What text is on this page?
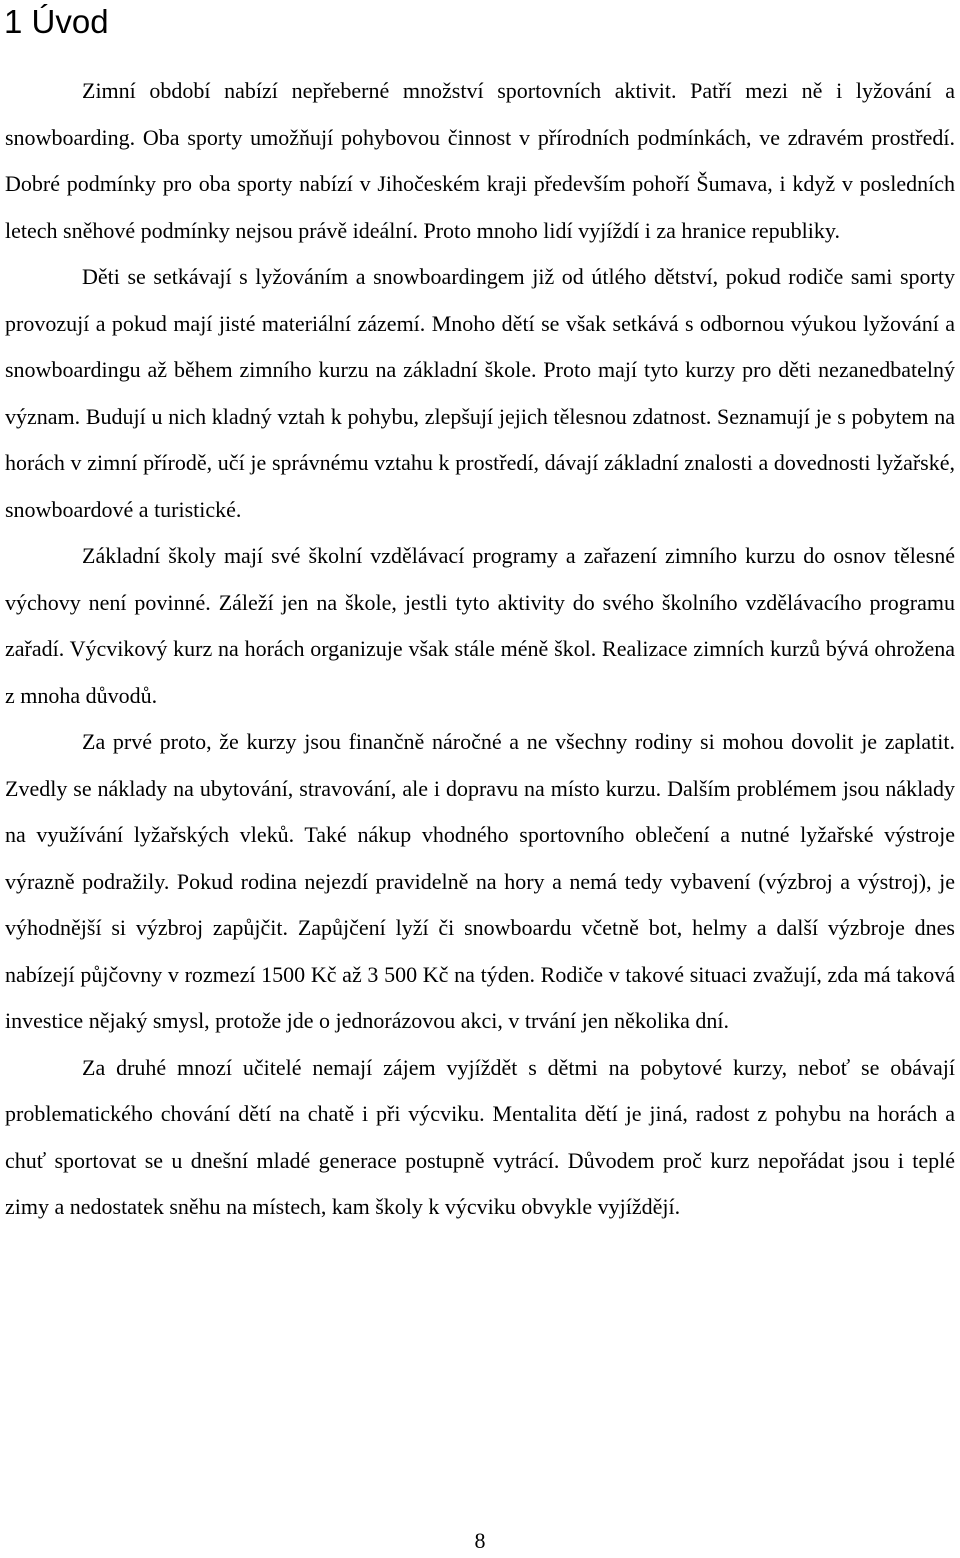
1 Úvod

Zimní období nabízí nepřeberné množství sportovních aktivit. Patří mezi ně i lyžování a snowboarding. Oba sporty umožňují pohybovou činnost v přírodních podmínkách, ve zdravém prostředí. Dobré podmínky pro oba sporty nabízí v Jihočeském kraji především pohoří Šumava, i když v posledních letech sněhové podmínky nejsou právě ideální. Proto mnoho lidí vyjíždí i za hranice republiky.

Děti se setkávají s lyžováním a snowboardingem již od útlého dětství, pokud rodiče sami sporty provozují a pokud mají jisté materiální zázemí. Mnoho dětí se však setkává s odbornou výukou lyžování a snowboardingu až během zimního kurzu na základní škole. Proto mají tyto kurzy pro děti nezanedbatelný význam. Budují u nich kladný vztah k pohybu, zlepšují jejich tělesnou zdatnost. Seznamují je s pobytem na horách v zimní přírodě, učí je správnému vztahu k prostředí, dávají základní znalosti a dovednosti lyžařské, snowboardové a turistické.

Základní školy mají své školní vzdělávací programy a zařazení zimního kurzu do osnov tělesné výchovy není povinné. Záleží jen na škole, jestli tyto aktivity do svého školního vzdělávacího programu zařadí. Výcvikový kurz na horách organizuje však stále méně škol. Realizace zimních kurzů bývá ohrožena z mnoha důvodů.

Za prvé proto, že kurzy jsou finančně náročné a ne všechny rodiny si mohou dovolit je zaplatit. Zvedly se náklady na ubytování, stravování, ale i dopravu na místo kurzu. Dalším problémem jsou náklady na využívání lyžařských vleků. Také nákup vhodného sportovního oblečení a nutné lyžařské výstroje výrazně podražily. Pokud rodina nejezdí pravidelně na hory a nemá tedy vybavení (výzbroj a výstroj), je výhodnější si výzbroj zapůjčit. Zapůjčení lyží či snowboardu včetně bot, helmy a další výzbroje dnes nabízejí půjčovny v rozmezí 1500 Kč až 3 500 Kč na týden. Rodiče v takové situaci zvažují, zda má taková investice nějaký smysl, protože jde o jednorázovou akci, v trvání jen několika dní.

Za druhé mnozí učitelé nemají zájem vyjíždět s dětmi na pobytové kurzy, neboť se obávají problematického chování dětí na chatě i při výcviku. Mentalita dětí je jiná, radost z pohybu na horách a chuť sportovat se u dnešní mladé generace postupně vytrácí. Důvodem proč kurz nepořádat jsou i teplé zimy a nedostatek sněhu na místech, kam školy k výcviku obvykle vyjíždějí.

8
